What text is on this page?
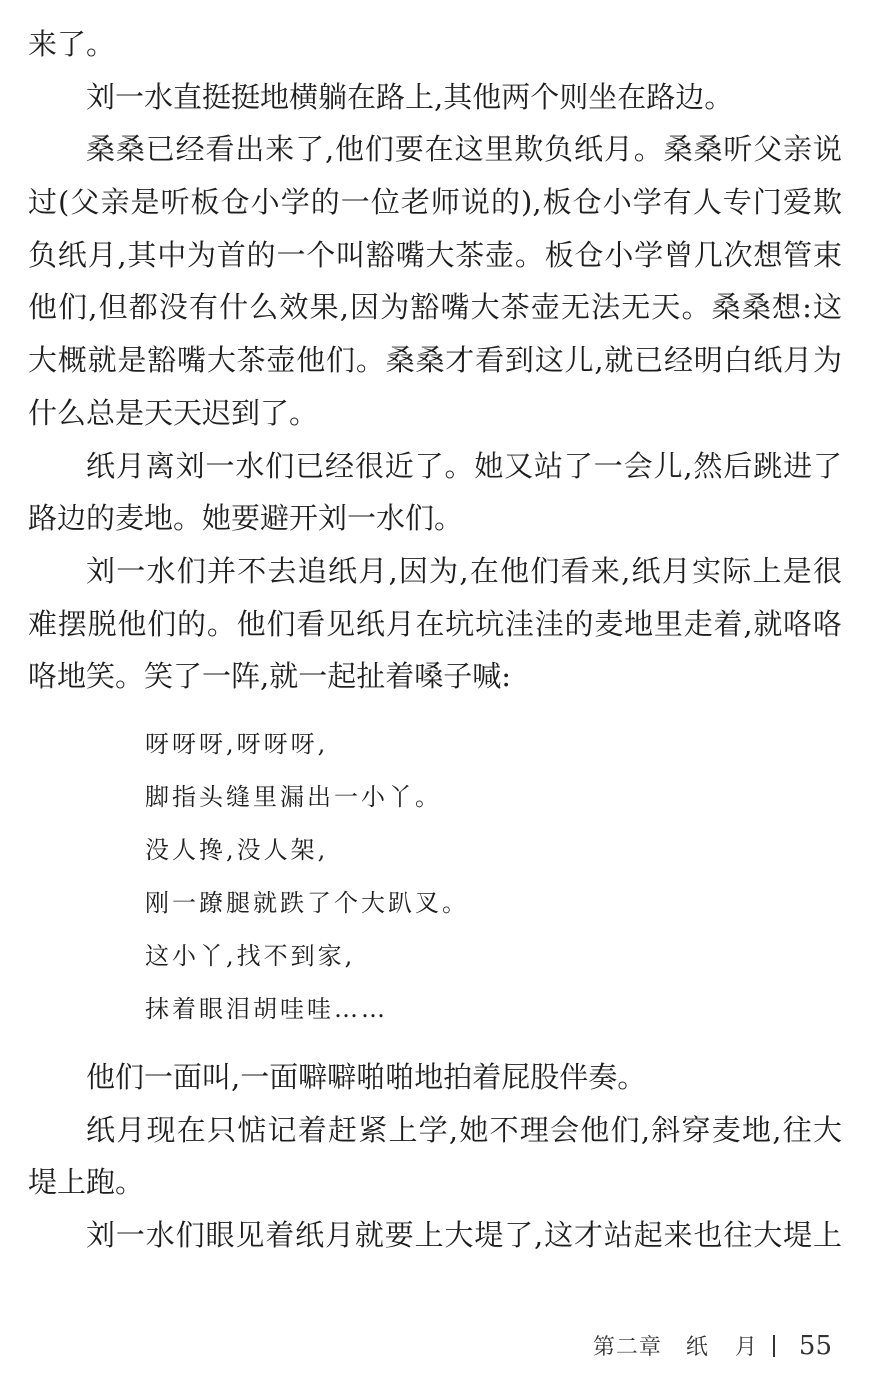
来了。
刘一水直挺挺地横躺在路上,其他两个则坐在路边。
桑桑已经看出来了,他们要在这里欺负纸月。桑桑听父亲说
过(父亲是听板仓小学的一位老师说的),板仓小学有人专门爱欺
负纸月,其中为首的一个叫豁嘴大茶壶。板仓小学曾几次想管束
他们,但都没有什么效果,因为豁嘴大茶壶无法无天。桑桑想:这
大概就是豁嘴大茶壶他们。桑桑才看到这儿,就已经明白纸月为
什么总是天天迟到了。
纸月离刘一水们已经很近了。她又站了一会儿,然后跳进了
路边的麦地。她要避开刘一水们。
刘一水们并不去追纸月,因为,在他们看来,纸月实际上是很
难摆脱他们的。他们看见纸月在坑坑洼洼的麦地里走着,就咯咯
咯地笑。笑了一阵,就一起扯着嗓子喊:
呀呀呀,呀呀呀,
脚指头缝里漏出一小丫。
没人搀,没人架,
刚一蹽腿就跌了个大趴叉。
这小丫,找不到家,
抹着眼泪胡哇哇……
他们一面叫,一面噼噼啪啪地拍着屁股伴奏。
纸月现在只惦记着赶紧上学,她不理会他们,斜穿麦地,往大
堤上跑。
刘一水们眼见着纸月就要上大堤了,这才站起来也往大堤上
第二章 纸 月 55
